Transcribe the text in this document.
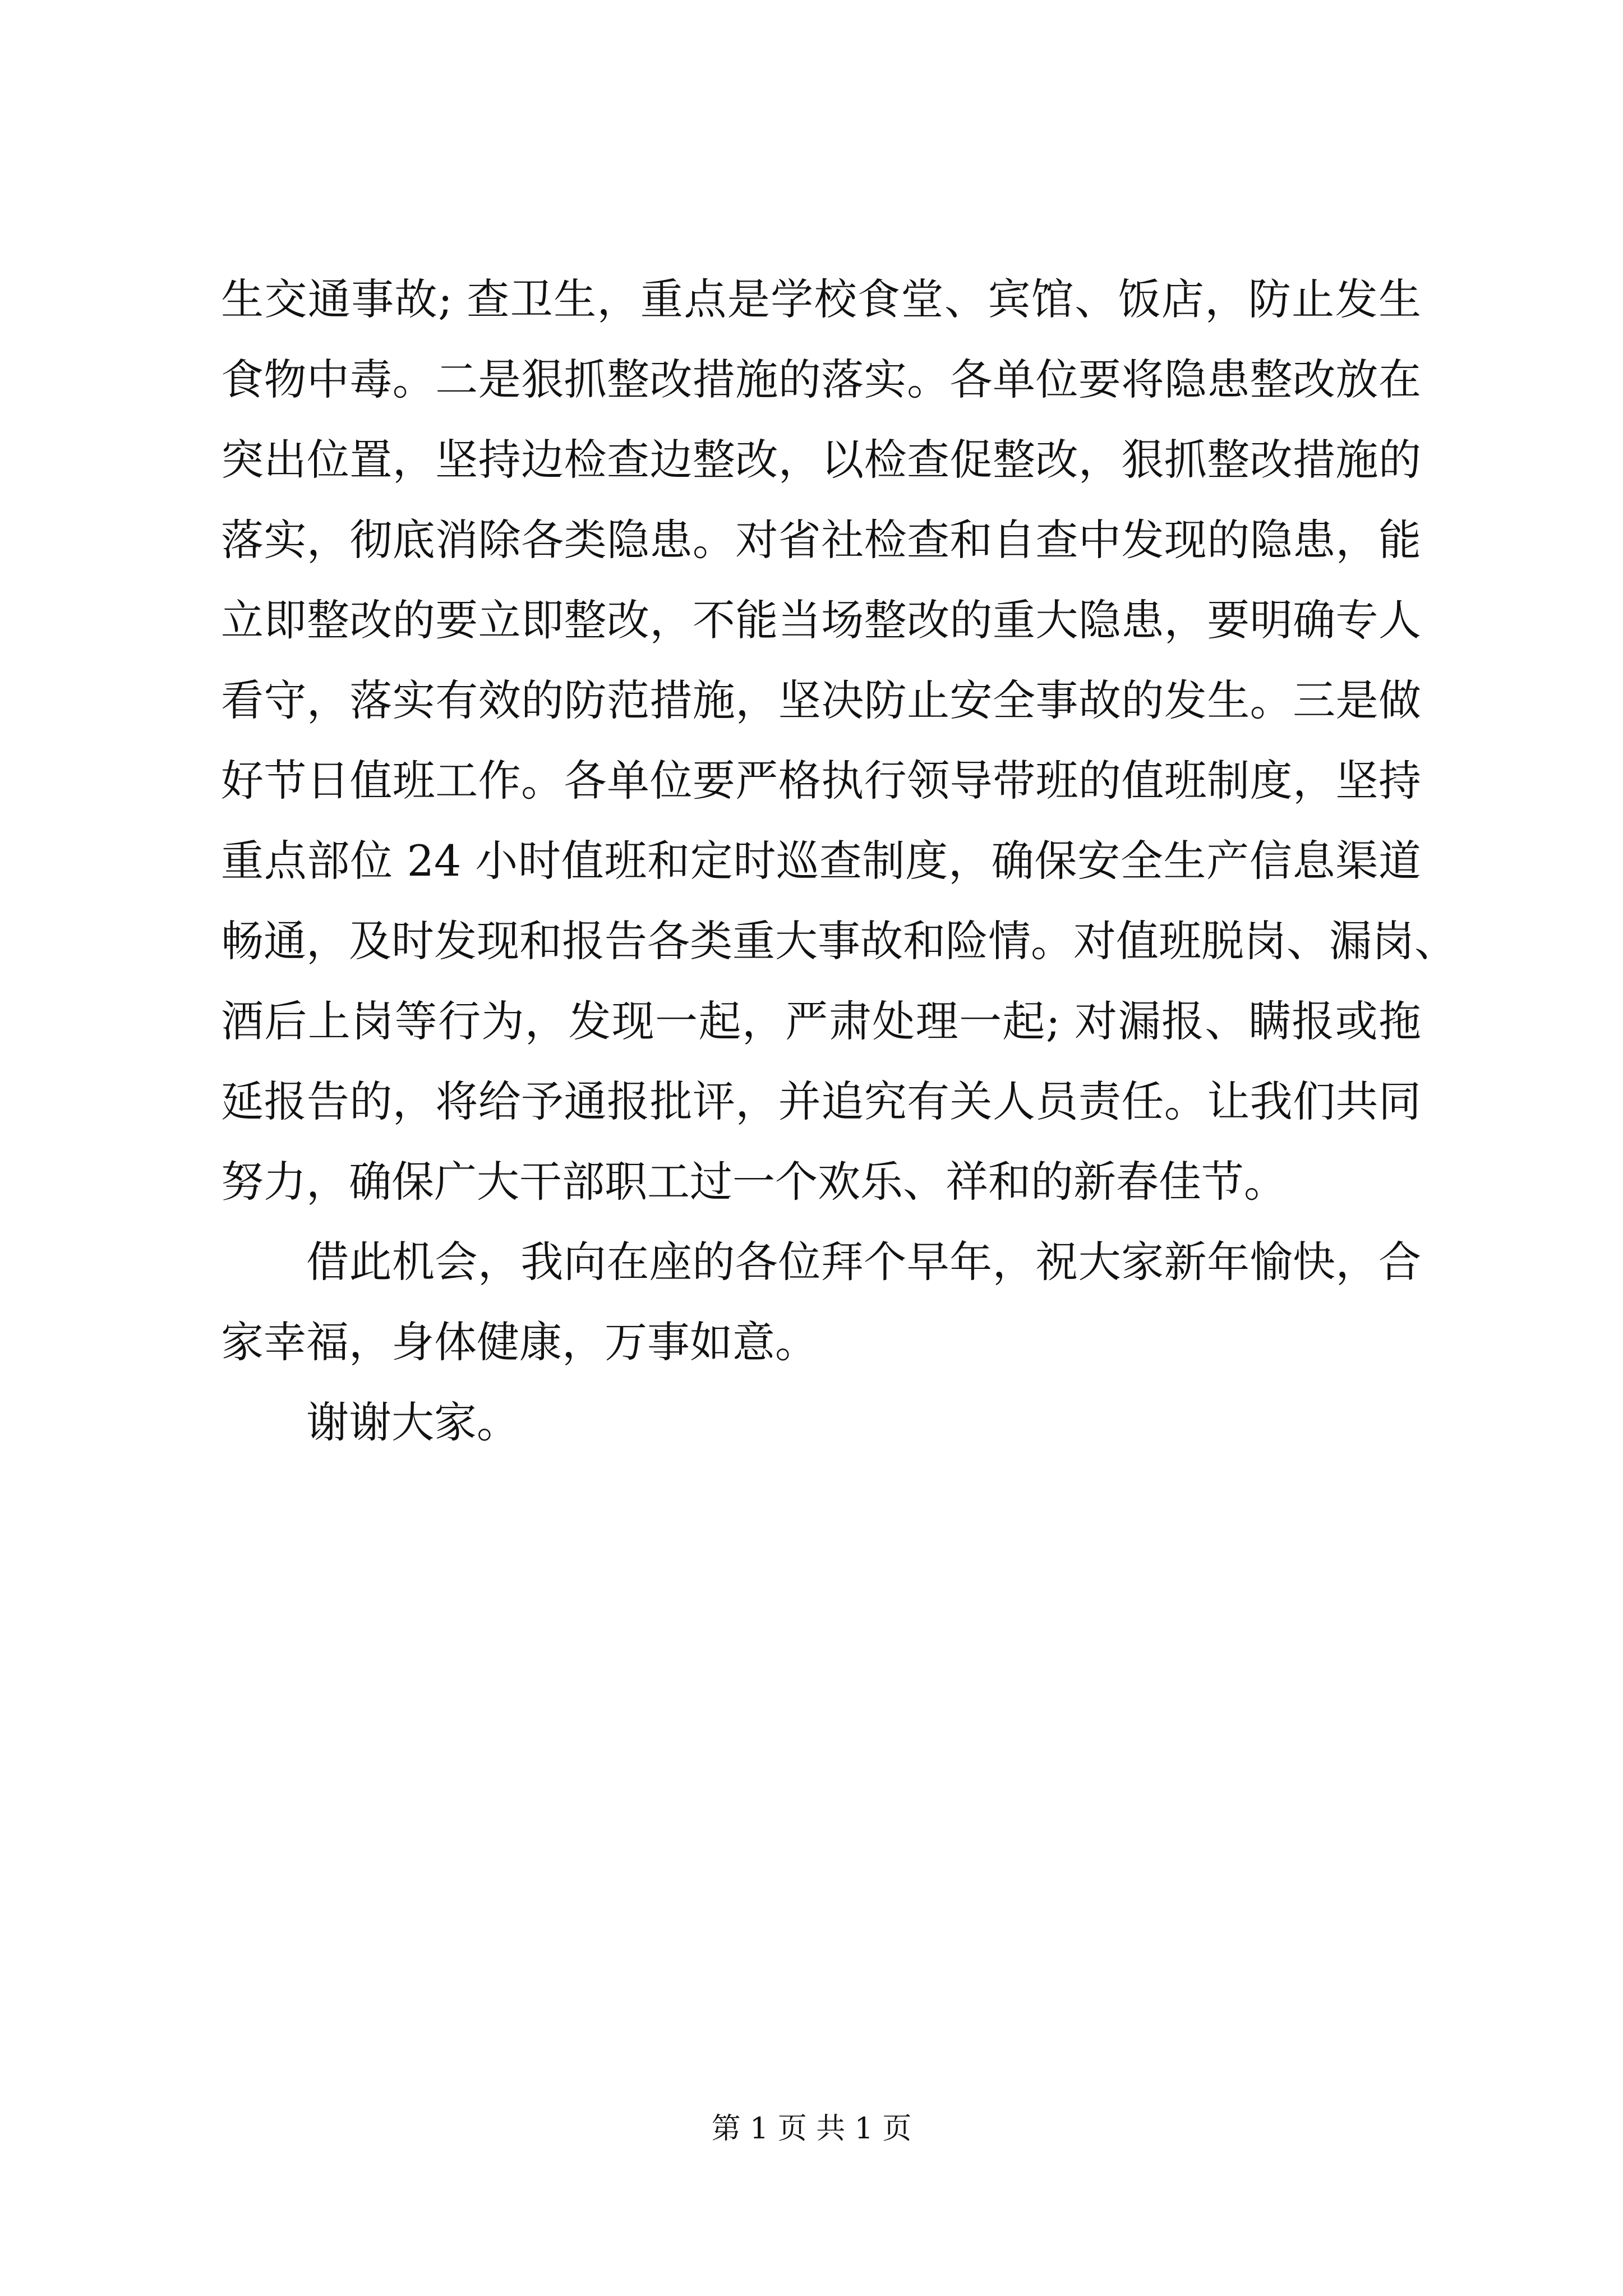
生交通事故; 查卫生，重点是学校食堂、宾馆、饭店，防止发生
食物中毒。二是狠抓整改措施的落实。各单位要将隐患整改放在
突出位置，坚持边检查边整改，以检查促整改，狠抓整改措施的
落实，彻底消除各类隐患。对省社检查和自查中发现的隐患，能
立即整改的要立即整改，不能当场整改的重大隐患，要明确专人
看守，落实有效的防范措施，坚决防止安全事故的发生。三是做
好节日值班工作。各单位要严格执行领导带班的值班制度，坚持
重点部位 24 小时值班和定时巡查制度，确保安全生产信息渠道
畅通，及时发现和报告各类重大事故和险情。对值班脱岗、漏岗、
酒后上岗等行为，发现一起，严肃处理一起; 对漏报、瞒报或拖
延报告的，将给予通报批评，并追究有关人员责任。让我们共同
努力，确保广大干部职工过一个欢乐、祥和的新春佳节。
借此机会，我向在座的各位拜个早年，祝大家新年愉快，合
家幸福，身体健康，万事如意。
谢谢大家。
第 1 页 共 1 页
